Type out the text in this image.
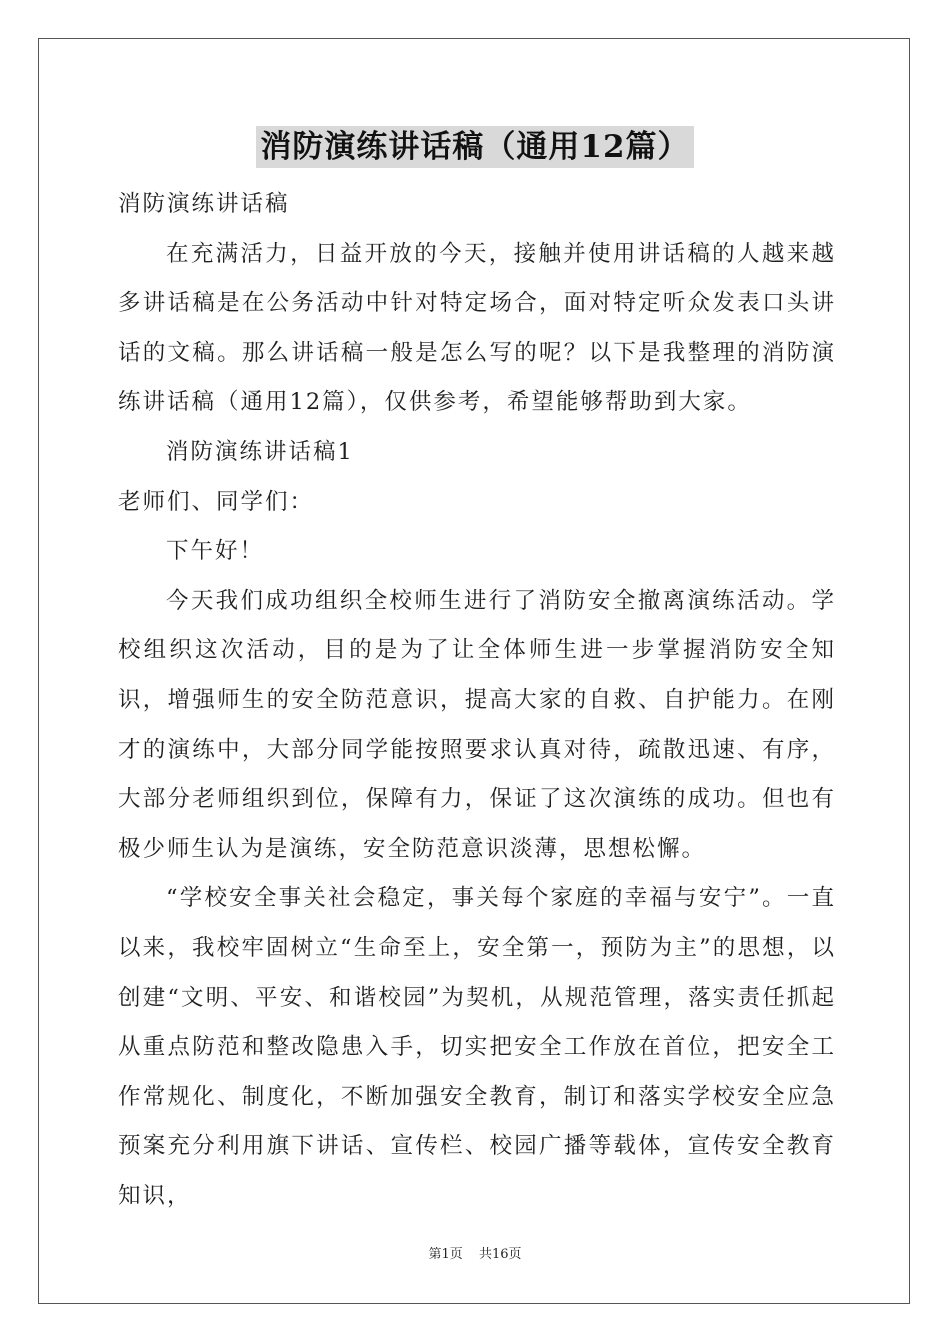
消防演练讲话稿（通用12篇）

消防演练讲话稿

在充满活力，日益开放的今天，接触并使用讲话稿的人越来越多讲话稿是在公务活动中针对特定场合，面对特定听众发表口头讲话的文稿。那么讲话稿一般是怎么写的呢？以下是我整理的消防演练讲话稿（通用12篇），仅供参考，希望能够帮助到大家。

消防演练讲话稿1

老师们、同学们：

下午好！

今天我们成功组织全校师生进行了消防安全撤离演练活动。学校组织这次活动，目的是为了让全体师生进一步掌握消防安全知识，增强师生的安全防范意识，提高大家的自救、自护能力。在刚才的演练中，大部分同学能按照要求认真对待，疏散迅速、有序，大部分老师组织到位，保障有力，保证了这次演练的成功。但也有极少师生认为是演练，安全防范意识淡薄，思想松懈。

“学校安全事关社会稳定，事关每个家庭的幸福与安宁”。一直以来，我校牢固树立“生命至上，安全第一，预防为主”的思想，以创建“文明、平安、和谐校园”为契机，从规范管理，落实责任抓起从重点防范和整改隐患入手，切实把安全工作放在首位，把安全工作常规化、制度化，不断加强安全教育，制订和落实学校安全应急预案充分利用旗下讲话、宣传栏、校园广播等载体，宣传安全教育知识，

第1页 共16页
